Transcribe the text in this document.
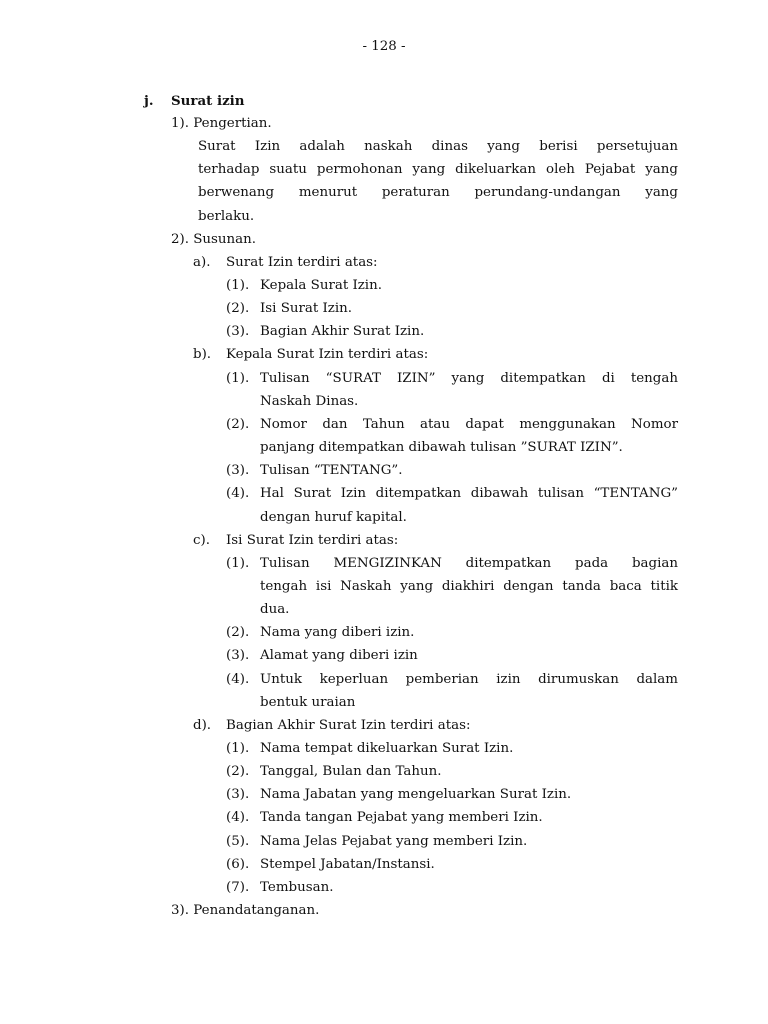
- 128 -
j. Surat izin
1). Pengertian.
Surat Izin adalah naskah dinas yang berisi persetujuan
terhadap suatu permohonan yang dikeluarkan oleh Pejabat yang
berwenang menurut peraturan perundang-undangan yang
berlaku.
2). Susunan.
a). Surat Izin terdiri atas:
(1). Kepala Surat Izin.
(2). Isi Surat Izin.
(3). Bagian Akhir Surat Izin.
b). Kepala Surat Izin terdiri atas:
(1). Tulisan “SURAT IZIN” yang ditempatkan di tengah
Naskah Dinas.
(2). Nomor dan Tahun atau dapat menggunakan Nomor
panjang ditempatkan dibawah tulisan ”SURAT IZIN”.
(3). Tulisan “TENTANG”.
(4). Hal Surat Izin ditempatkan dibawah tulisan “TENTANG”
dengan huruf kapital.
c). Isi Surat Izin terdiri atas:
(1). Tulisan MENGIZINKAN ditempatkan pada bagian
tengah isi Naskah yang diakhiri dengan tanda baca titik
dua.
(2). Nama yang diberi izin.
(3). Alamat yang diberi izin
(4). Untuk keperluan pemberian izin dirumuskan dalam
bentuk uraian
d). Bagian Akhir Surat Izin terdiri atas:
(1). Nama tempat dikeluarkan Surat Izin.
(2). Tanggal, Bulan dan Tahun.
(3). Nama Jabatan yang mengeluarkan Surat Izin.
(4). Tanda tangan Pejabat yang memberi Izin.
(5). Nama Jelas Pejabat yang memberi Izin.
(6). Stempel Jabatan/Instansi.
(7). Tembusan.
3). Penandatanganan.
